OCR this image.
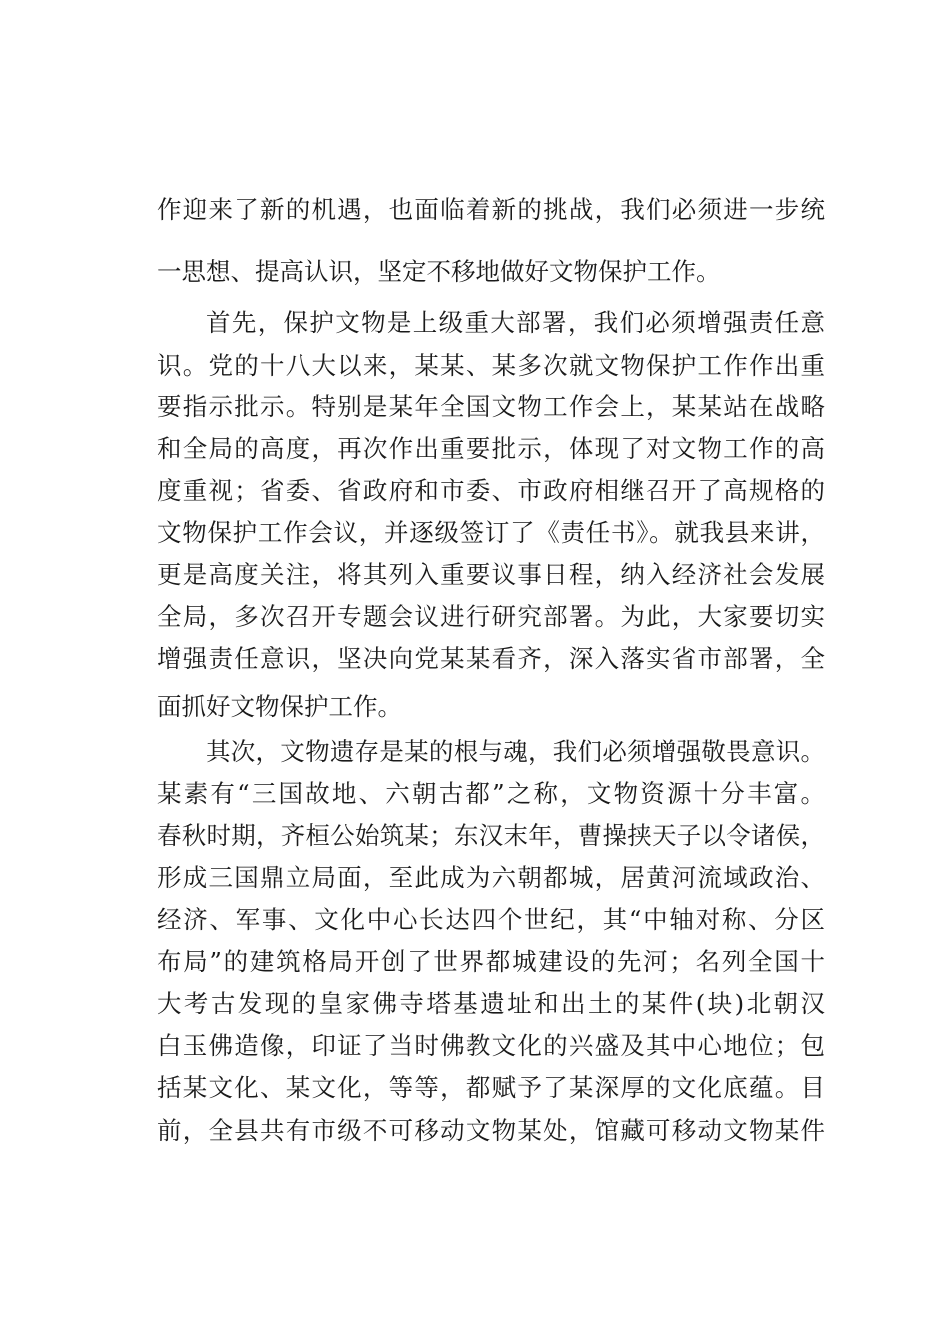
作迎来了新的机遇，也面临着新的挑战，我们必须进一步统
一思想、提高认识，坚定不移地做好文物保护工作。
首先，保护文物是上级重大部署，我们必须增强责任意
识。党的十八大以来，某某、某多次就文物保护工作作出重
要指示批示。特别是某年全国文物工作会上，某某站在战略
和全局的高度，再次作出重要批示，体现了对文物工作的高
度重视；省委、省政府和市委、市政府相继召开了高规格的
文物保护工作会议，并逐级签订了《责任书》。就我县来讲，
更是高度关注，将其列入重要议事日程，纳入经济社会发展
全局，多次召开专题会议进行研究部署。为此，大家要切实
增强责任意识，坚决向党某某看齐，深入落实省市部署，全
面抓好文物保护工作。
其次，文物遗存是某的根与魂，我们必须增强敬畏意识。
某素有“三国故地、六朝古都”之称，文物资源十分丰富。
春秋时期，齐桓公始筑某；东汉末年，曹操挟天子以令诸侯，
形成三国鼎立局面，至此成为六朝都城，居黄河流域政治、
经济、军事、文化中心长达四个世纪，其“中轴对称、分区
布局”的建筑格局开创了世界都城建设的先河；名列全国十
大考古发现的皇家佛寺塔基遗址和出土的某件(块)北朝汉
白玉佛造像，印证了当时佛教文化的兴盛及其中心地位；包
括某文化、某文化，等等，都赋予了某深厚的文化底蕴。目
前，全县共有市级不可移动文物某处，馆藏可移动文物某件
